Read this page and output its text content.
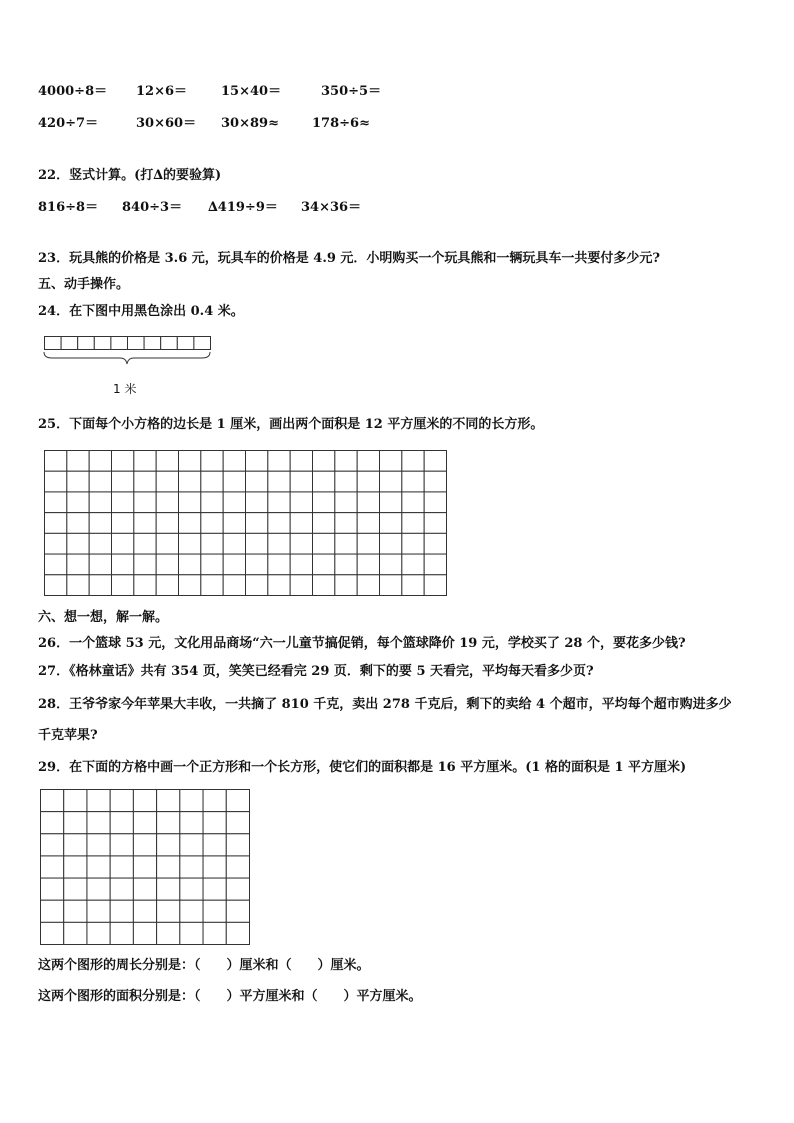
4000÷8＝ 12×6＝	15×40＝	350÷5＝
420÷7＝	30×60＝ 30×89≈	178÷6≈
22．竖式计算。(打∆的要验算)
816÷8＝ 840÷3＝ ∆419÷9＝ 34×36＝
23．玩具熊的价格是 3.6 元，玩具车的价格是 4.9 元．小明购买一个玩具熊和一辆玩具车一共要付多少元?
五、动手操作。
24．在下图中用黑色涂出 0.4 米。
1 米
25．下面每个小方格的边长是 1 厘米，画出两个面积是 12 平方厘米的不同的长方形。
六、想一想，解一解。
26．一个篮球 53 元，文化用品商场“六一儿童节搞促销，每个篮球降价 19 元，学校买了 28 个，要花多少钱?
27．《格林童话》共有 354 页，笑笑已经看完 29 页．剩下的要 5 天看完，平均每天看多少页?
28．王爷爷家今年苹果大丰收，一共摘了 810 千克，卖出 278 千克后，剩下的卖给 4 个超市，平均每个超市购进多少
千克苹果?
29．在下面的方格中画一个正方形和一个长方形，使它们的面积都是 16 平方厘米。(1 格的面积是 1 平方厘米)
这两个图形的周长分别是：（　　）厘米和（　　）厘米。
这两个图形的面积分别是：（　　）平方厘米和（　　）平方厘米。
